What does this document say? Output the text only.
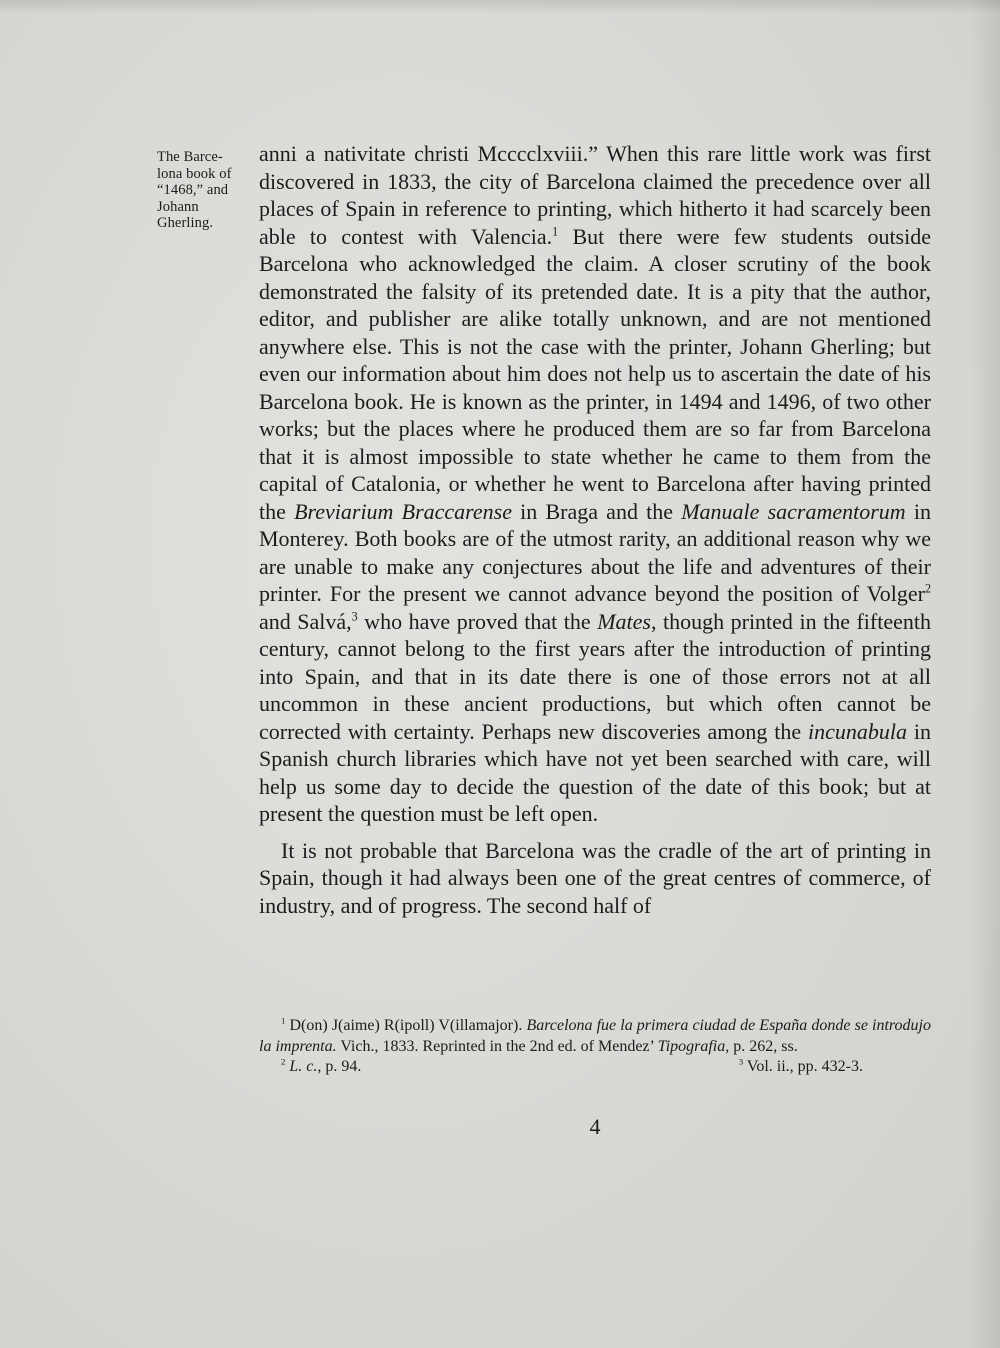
The Barce-
lona book of
“1468,” and
Johann
Gherling.

anni a nativitate christi Mcccclxviii.” When this rare little work was first discovered in 1833, the city of Barcelona claimed the precedence over all places of Spain in reference to printing, which hitherto it had scarcely been able to contest with Valencia.$^1$ But there were few students outside Barcelona who acknowledged the claim. A closer scrutiny of the book demonstrated the falsity of its pretended date. It is a pity that the author, editor, and publisher are alike totally unknown, and are not mentioned anywhere else. This is not the case with the printer, Johann Gherling; but even our information about him does not help us to ascertain the date of his Barcelona book. He is known as the printer, in 1494 and 1496, of two other works; but the places where he produced them are so far from Barcelona that it is almost impossible to state whether he came to them from the capital of Catalonia, or whether he went to Barcelona after having printed the Breviarium Braccarense in Braga and the Manuale sacramentorum in Monterey. Both books are of the utmost rarity, an additional reason why we are unable to make any conjectures about the life and adventures of their printer. For the present we cannot advance beyond the position of Volger$^2$ and Salvá,$^3$ who have proved that the Mates, though printed in the fifteenth century, cannot belong to the first years after the introduction of printing into Spain, and that in its date there is one of those errors not at all uncommon in these ancient productions, but which often cannot be corrected with certainty. Perhaps new discoveries among the incunabula in Spanish church libraries which have not yet been searched with care, will help us some day to decide the question of the date of this book; but at present the question must be left open.

It is not probable that Barcelona was the cradle of the art of printing in Spain, though it had always been one of the great centres of commerce, of industry, and of progress. The second half of

$^1$ D(on) J(aime) R(ipoll) V(illamajor). Barcelona fue la primera ciudad de España donde se introdujo la imprenta. Vich., 1833. Reprinted in the 2nd ed. of Mendez’ Tipografia, p. 262, ss.

$^2$ L. c., p. 94.	$^3$ Vol. ii., pp. 432-3.
4
